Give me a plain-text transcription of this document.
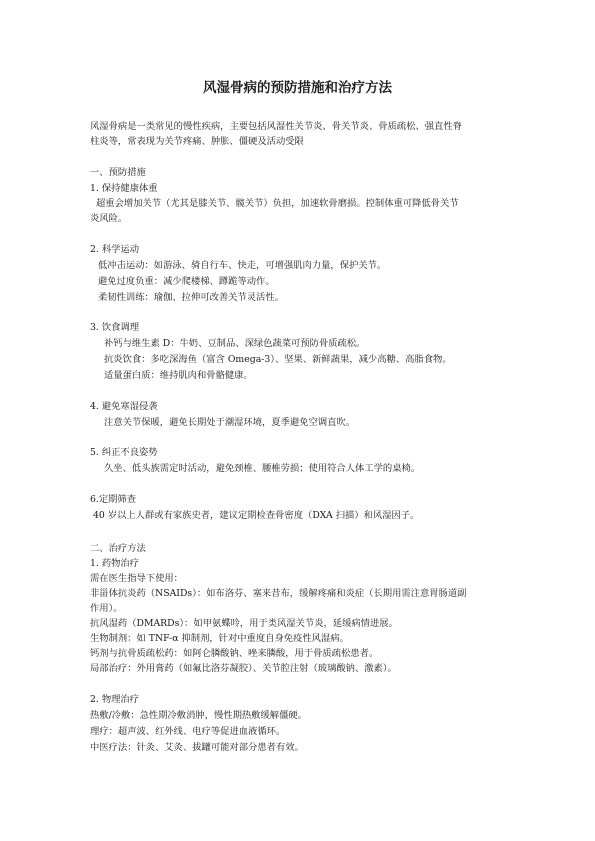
风湿骨病的预防措施和治疗方法
风湿骨病是一类常见的慢性疾病，主要包括风湿性关节炎、骨关节炎、骨质疏松、强直性脊
柱炎等，常表现为关节疼痛、肿胀、僵硬及活动受限
一、预防措施
1. 保持健康体重
超重会增加关节（尤其是膝关节、髋关节）负担，加速软骨磨损。控制体重可降低骨关节
炎风险。
2. 科学运动
低冲击运动：如游泳、骑自行车、快走，可增强肌肉力量，保护关节。
避免过度负重：减少爬楼梯、蹲跪等动作。
柔韧性训练：瑜伽、拉伸可改善关节灵活性。
3. 饮食调理
补钙与维生素 D：牛奶、豆制品、深绿色蔬菜可预防骨质疏松。
抗炎饮食：多吃深海鱼（富含 Omega-3）、坚果、新鲜蔬果，减少高糖、高脂食物。
适量蛋白质：维持肌肉和骨骼健康。
4. 避免寒湿侵袭
注意关节保暖，避免长期处于潮湿环境，夏季避免空调直吹。
5. 纠正不良姿势
久坐、低头族需定时活动，避免颈椎、腰椎劳损；使用符合人体工学的桌椅。
6.定期筛查
40 岁以上人群或有家族史者，建议定期检查骨密度（DXA 扫描）和风湿因子。
二、治疗方法
1. 药物治疗
需在医生指导下使用：
非甾体抗炎药（NSAIDs）：如布洛芬、塞来昔布，缓解疼痛和炎症（长期用需注意胃肠道副
作用）。
抗风湿药（DMARDs）：如甲氨蝶呤，用于类风湿关节炎，延缓病情进展。
生物制剂：如 TNF-α 抑制剂，针对中重度自身免疫性风湿病。
钙剂与抗骨质疏松药：如阿仑膦酸钠、唑来膦酸，用于骨质疏松患者。
局部治疗：外用膏药（如氟比洛芬凝胶）、关节腔注射（玻璃酸钠、激素）。
2. 物理治疗
热敷/冷敷：急性期冷敷消肿，慢性期热敷缓解僵硬。
理疗：超声波、红外线、电疗等促进血液循环。
中医疗法：针灸、艾灸、拔罐可能对部分患者有效。
